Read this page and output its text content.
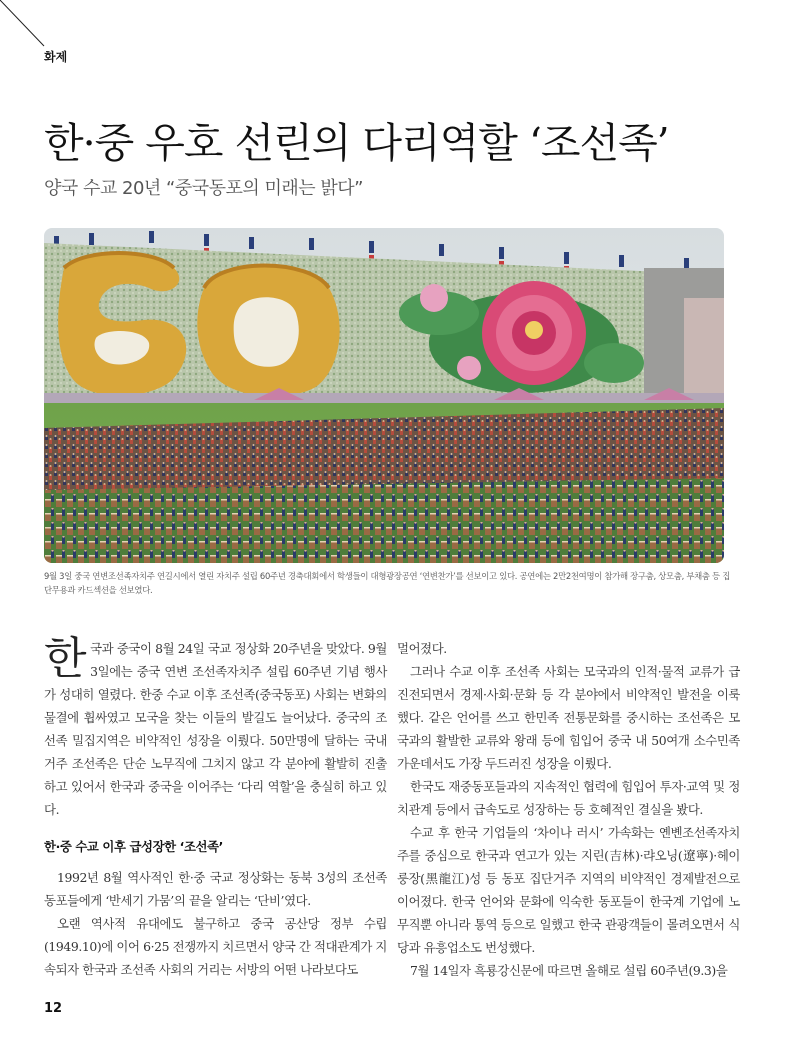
화제
한·중 우호 선린의 다리역할 ‘조선족’
양국 수교 20년 “중국동포의 미래는 밝다”
9월 3일 중국 연변조선족자치주 연길시에서 열린 자치주 설립 60주년 경축대회에서 학생들이 대형광장공연 ‘연변찬가’를 선보이고 있다. 공연에는 2만2천여명이 참가해 장구춤, 상모춤, 부채춤 등 집단무용과 카드섹션을 선보였다.

한국과 중국이 8월 24일 국교 정상화 20주년을 맞았다. 9월 3일에는 중국 연변 조선족자치주 설립 60주년 기념 행사가 성대히 열렸다. 한중 수교 이후 조선족(중국동포) 사회는 변화의 물결에 휩싸였고 모국을 찾는 이들의 발길도 늘어났다. 중국의 조선족 밀집지역은 비약적인 성장을 이뤘다. 50만명에 달하는 국내 거주 조선족은 단순 노무직에 그치지 않고 각 분야에 활발히 진출하고 있어서 한국과 중국을 이어주는 ‘다리 역할’을 충실히 하고 있다.

한·중 수교 이후 급성장한 ‘조선족’

1992년 8월 역사적인 한·중 국교 정상화는 동북 3성의 조선족 동포들에게 ‘반세기 가뭄’의 끝을 알리는 ‘단비’였다.

오랜 역사적 유대에도 불구하고 중국 공산당 정부 수립(1949.10)에 이어 6·25 전쟁까지 치르면서 양국 간 적대관계가 지속되자 한국과 조선족 사회의 거리는 서방의 어떤 나라보다도

멀어졌다.

그러나 수교 이후 조선족 사회는 모국과의 인적·물적 교류가 급진전되면서 경제·사회·문화 등 각 분야에서 비약적인 발전을 이룩했다. 같은 언어를 쓰고 한민족 전통문화를 중시하는 조선족은 모국과의 활발한 교류와 왕래 등에 힘입어 중국 내 50여개 소수민족 가운데서도 가장 두드러진 성장을 이뤘다.

한국도 재중동포들과의 지속적인 협력에 힘입어 투자·교역 및 정치관계 등에서 급속도로 성장하는 등 호혜적인 결실을 봤다.

수교 후 한국 기업들의 ‘차이나 러시’ 가속화는 옌볜조선족자치주를 중심으로 한국과 연고가 있는 지린(吉林)·랴오닝(遼寧)·헤이룽장(黑龍江)성 등 동포 집단거주 지역의 비약적인 경제발전으로 이어졌다. 한국 언어와 문화에 익숙한 동포들이 한국계 기업에 노무직뿐 아니라 통역 등으로 일했고 한국 관광객들이 몰려오면서 식당과 유흥업소도 번성했다.

7월 14일자 흑룡강신문에 따르면 올해로 설립 60주년(9.3)을

12
